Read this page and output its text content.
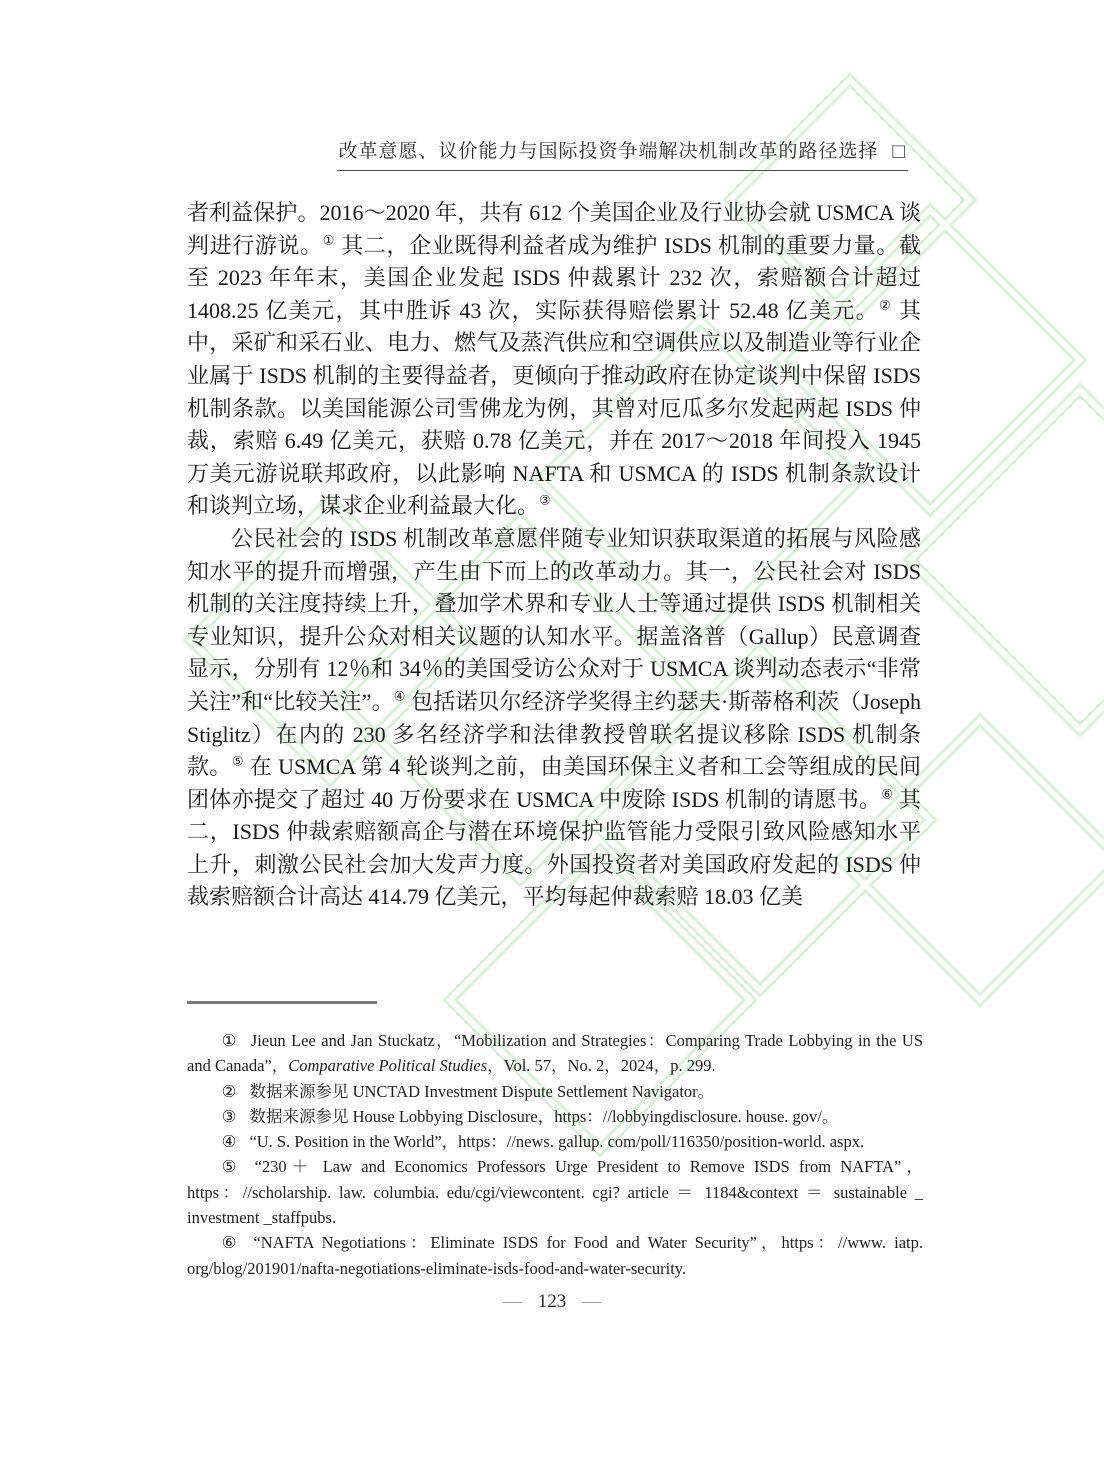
改革意愿、议价能力与国际投资争端解决机制改革的路径选择 □

者利益保护。2016～2020 年，共有 612 个美国企业及行业协会就 USMCA 谈判进行游说。① 其二，企业既得利益者成为维护 ISDS 机制的重要力量。截至 2023 年年末，美国企业发起 ISDS 仲裁累计 232 次，索赔额合计超过 1408.25 亿美元，其中胜诉 43 次，实际获得赔偿累计 52.48 亿美元。② 其中，采矿和采石业、电力、燃气及蒸汽供应和空调供应以及制造业等行业企业属于 ISDS 机制的主要得益者，更倾向于推动政府在协定谈判中保留 ISDS 机制条款。以美国能源公司雪佛龙为例，其曾对厄瓜多尔发起两起 ISDS 仲裁，索赔 6.49 亿美元，获赔 0.78 亿美元，并在 2017～2018 年间投入 1945 万美元游说联邦政府，以此影响 NAFTA 和 USMCA 的 ISDS 机制条款设计和谈判立场，谋求企业利益最大化。③

公民社会的 ISDS 机制改革意愿伴随专业知识获取渠道的拓展与风险感知水平的提升而增强，产生由下而上的改革动力。其一，公民社会对 ISDS 机制的关注度持续上升，叠加学术界和专业人士等通过提供 ISDS 机制相关专业知识，提升公众对相关议题的认知水平。据盖洛普（Gallup）民意调查显示，分别有 12％和 34％的美国受访公众对于 USMCA 谈判动态表示“非常关注”和“比较关注”。④ 包括诺贝尔经济学奖得主约瑟夫·斯蒂格利茨（Joseph Stiglitz）在内的 230 多名经济学和法律教授曾联名提议移除 ISDS 机制条款。⑤ 在 USMCA 第 4 轮谈判之前，由美国环保主义者和工会等组成的民间团体亦提交了超过 40 万份要求在 USMCA 中废除 ISDS 机制的请愿书。⑥ 其二，ISDS 仲裁索赔额高企与潜在环境保护监管能力受限引致风险感知水平上升，刺激公民社会加大发声力度。外国投资者对美国政府发起的 ISDS 仲裁索赔额合计高达 414.79 亿美元，平均每起仲裁索赔 18.03 亿美

① Jieun Lee and Jan Stuckatz，“Mobilization and Strategies：Comparing Trade Lobbying in the US and Canada”，Comparative Political Studies，Vol. 57，No. 2，2024，p. 299.

② 数据来源参见 UNCTAD Investment Dispute Settlement Navigator。

③ 数据来源参见 House Lobbying Disclosure，https：//lobbyingdisclosure. house. gov/。

④ “U. S. Position in the World”，https：//news. gallup. com/poll/116350/position-world. aspx.

⑤ “230＋ Law and Economics Professors Urge President to Remove ISDS from NAFTA”，https：//scholarship. law. columbia. edu/cgi/viewcontent. cgi? article ＝ 1184&context ＝ sustainable _ investment _staffpubs.

⑥ “NAFTA Negotiations：Eliminate ISDS for Food and Water Security”，https：//www. iatp. org/blog/201901/nafta-negotiations-eliminate-isds-food-and-water-security.

— 123 —
